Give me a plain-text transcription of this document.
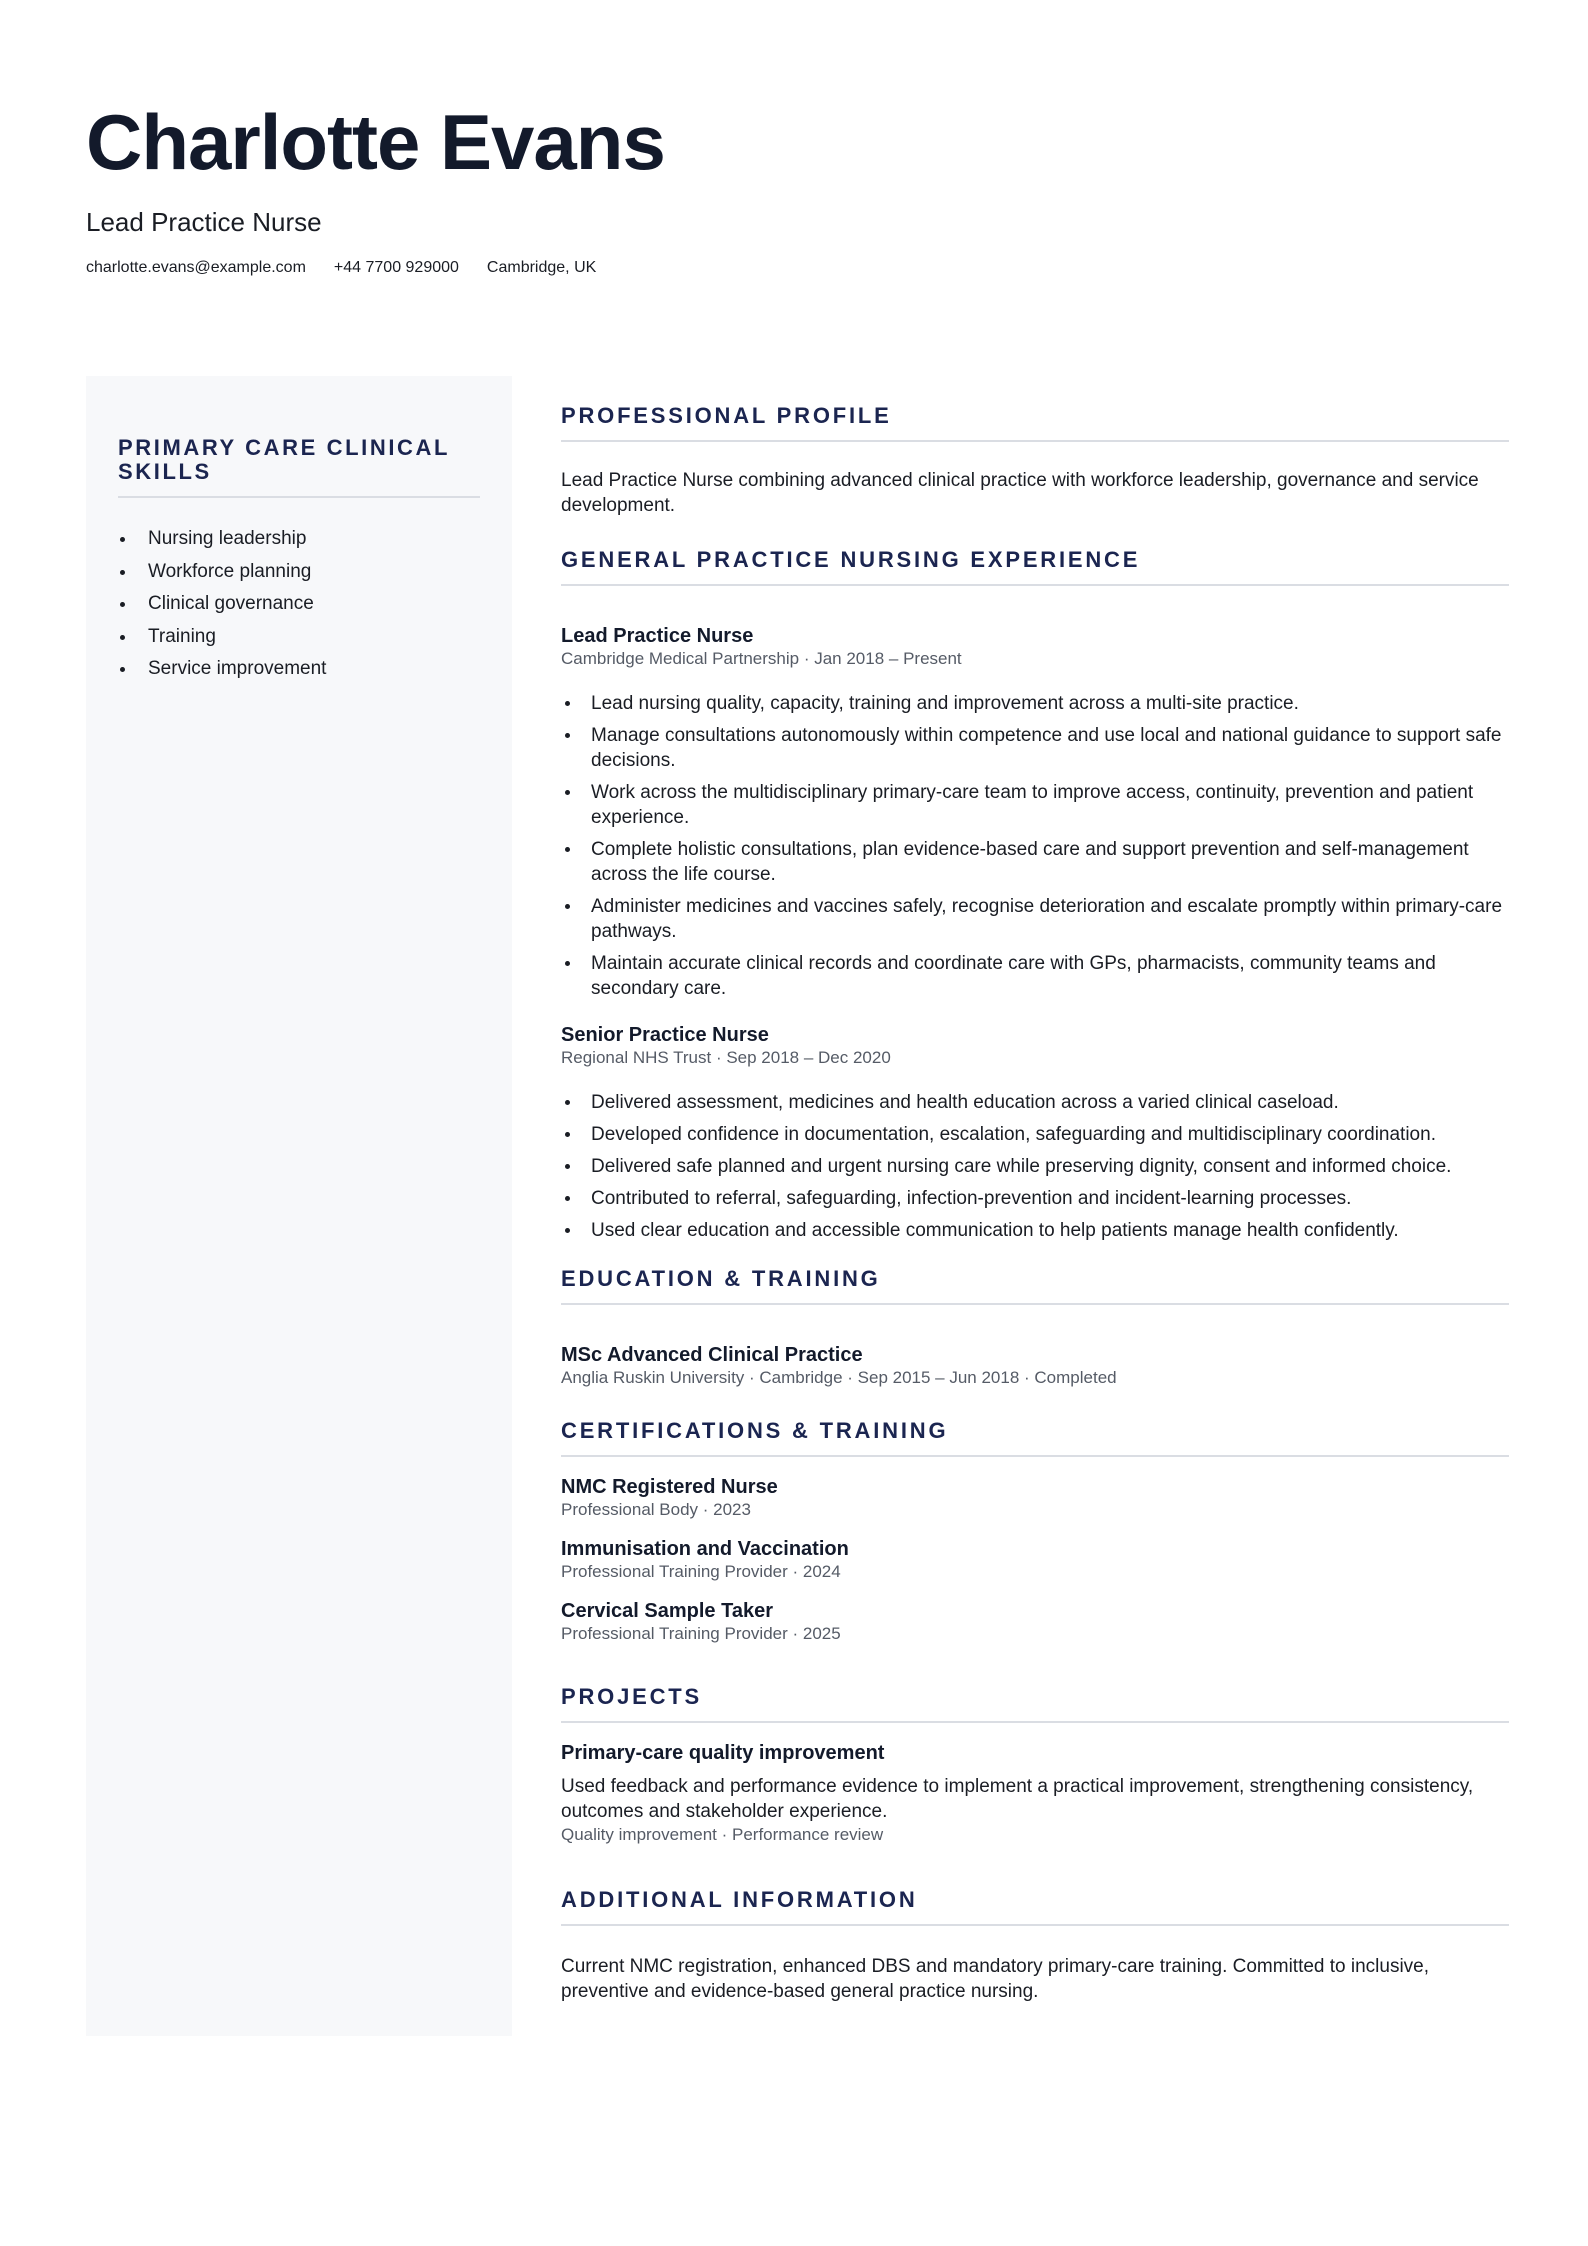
Charlotte Evans
Lead Practice Nurse
charlotte.evans@example.com +44 7700 929000 Cambridge, UK
PRIMARY CARE CLINICAL SKILLS
Nursing leadership
Workforce planning
Clinical governance
Training
Service improvement
PROFESSIONAL PROFILE

Lead Practice Nurse combining advanced clinical practice with workforce leadership, governance and service development.

GENERAL PRACTICE NURSING EXPERIENCE
Lead Practice Nurse
Cambridge Medical Partnership · Jan 2018 – Present
Lead nursing quality, capacity, training and improvement across a multi-site practice.
Manage consultations autonomously within competence and use local and national guidance to support safe decisions.
Work across the multidisciplinary primary-care team to improve access, continuity, prevention and patient experience.
Complete holistic consultations, plan evidence-based care and support prevention and self-management across the life course.
Administer medicines and vaccines safely, recognise deterioration and escalate promptly within primary-care pathways.
Maintain accurate clinical records and coordinate care with GPs, pharmacists, community teams and secondary care.
Senior Practice Nurse
Regional NHS Trust · Sep 2018 – Dec 2020
Delivered assessment, medicines and health education across a varied clinical caseload.
Developed confidence in documentation, escalation, safeguarding and multidisciplinary coordination.
Delivered safe planned and urgent nursing care while preserving dignity, consent and informed choice.
Contributed to referral, safeguarding, infection-prevention and incident-learning processes.
Used clear education and accessible communication to help patients manage health confidently.
EDUCATION & TRAINING
MSc Advanced Clinical Practice
Anglia Ruskin University · Cambridge · Sep 2015 – Jun 2018 · Completed
CERTIFICATIONS & TRAINING
NMC Registered Nurse
Professional Body · 2023
Immunisation and Vaccination
Professional Training Provider · 2024
Cervical Sample Taker
Professional Training Provider · 2025
PROJECTS
Primary-care quality improvement

Used feedback and performance evidence to implement a practical improvement, strengthening consistency, outcomes and stakeholder experience.

Quality improvement · Performance review
ADDITIONAL INFORMATION

Current NMC registration, enhanced DBS and mandatory primary-care training. Committed to inclusive, preventive and evidence-based general practice nursing.
